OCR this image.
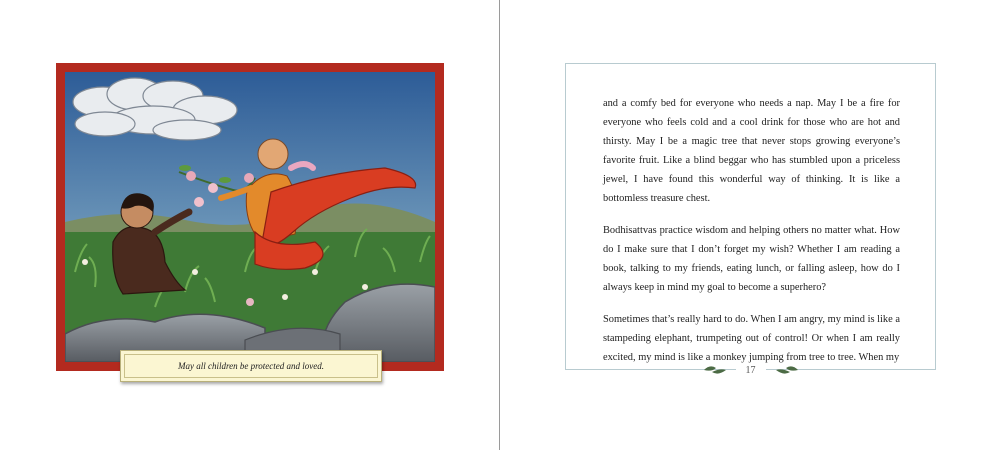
May all children be protected and loved.

and a comfy bed for everyone who needs a nap. May I be a fire for everyone who feels cold and a cool drink for those who are hot and thirsty. May I be a magic tree that never stops growing everyone’s favorite fruit. Like a blind beggar who has stumbled upon a priceless jewel, I have found this wonderful way of thinking. It is like a bottomless treasure chest.

Bodhisattvas practice wisdom and helping others no matter what. How do I make sure that I don’t forget my wish? Whether I am reading a book, talking to my friends, eating lunch, or falling asleep, how do I always keep in mind my goal to become a superhero?

Sometimes that’s really hard to do. When I am angry, my mind is like a stampeding elephant, trumpeting out of control! Or when I am really excited, my mind is like a monkey jumping from tree to tree. When my

17
